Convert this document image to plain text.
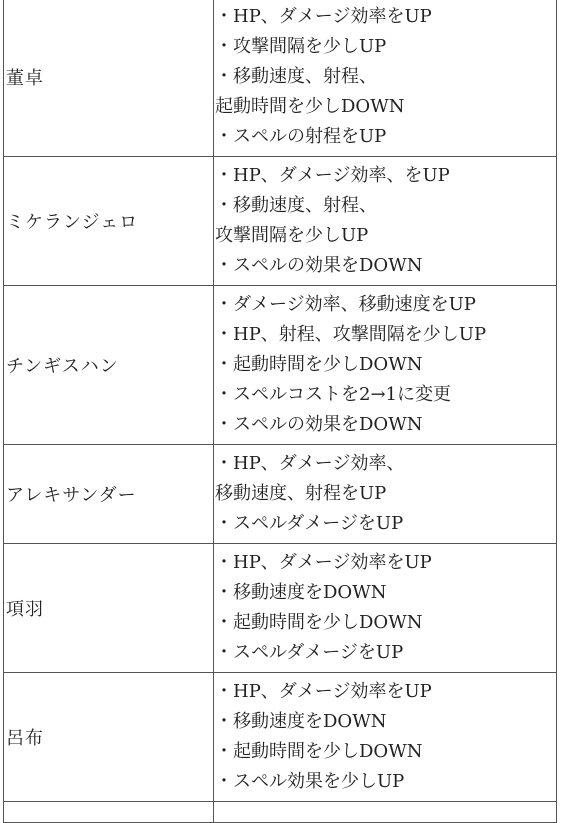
董卓	・HP、ダメージ効率をUP
・攻撃間隔を少しUP
・移動速度、射程、
起動時間を少しDOWN
・スペルの射程をUP

ミケランジェロ	・HP、ダメージ効率、をUP
・移動速度、射程、
攻撃間隔を少しUP
・スペルの効果をDOWN

チンギスハン	・ダメージ効率、移動速度をUP
・HP、射程、攻撃間隔を少しUP
・起動時間を少しDOWN
・スペルコストを2→1に変更
・スペルの効果をDOWN

アレキサンダー	・HP、ダメージ効率、
移動速度、射程をUP
・スペルダメージをUP

項羽	・HP、ダメージ効率をUP
・移動速度をDOWN
・起動時間を少しDOWN
・スペルダメージをUP

呂布	・HP、ダメージ効率をUP
・移動速度をDOWN
・起動時間を少しDOWN
・スペル効果を少しUP
